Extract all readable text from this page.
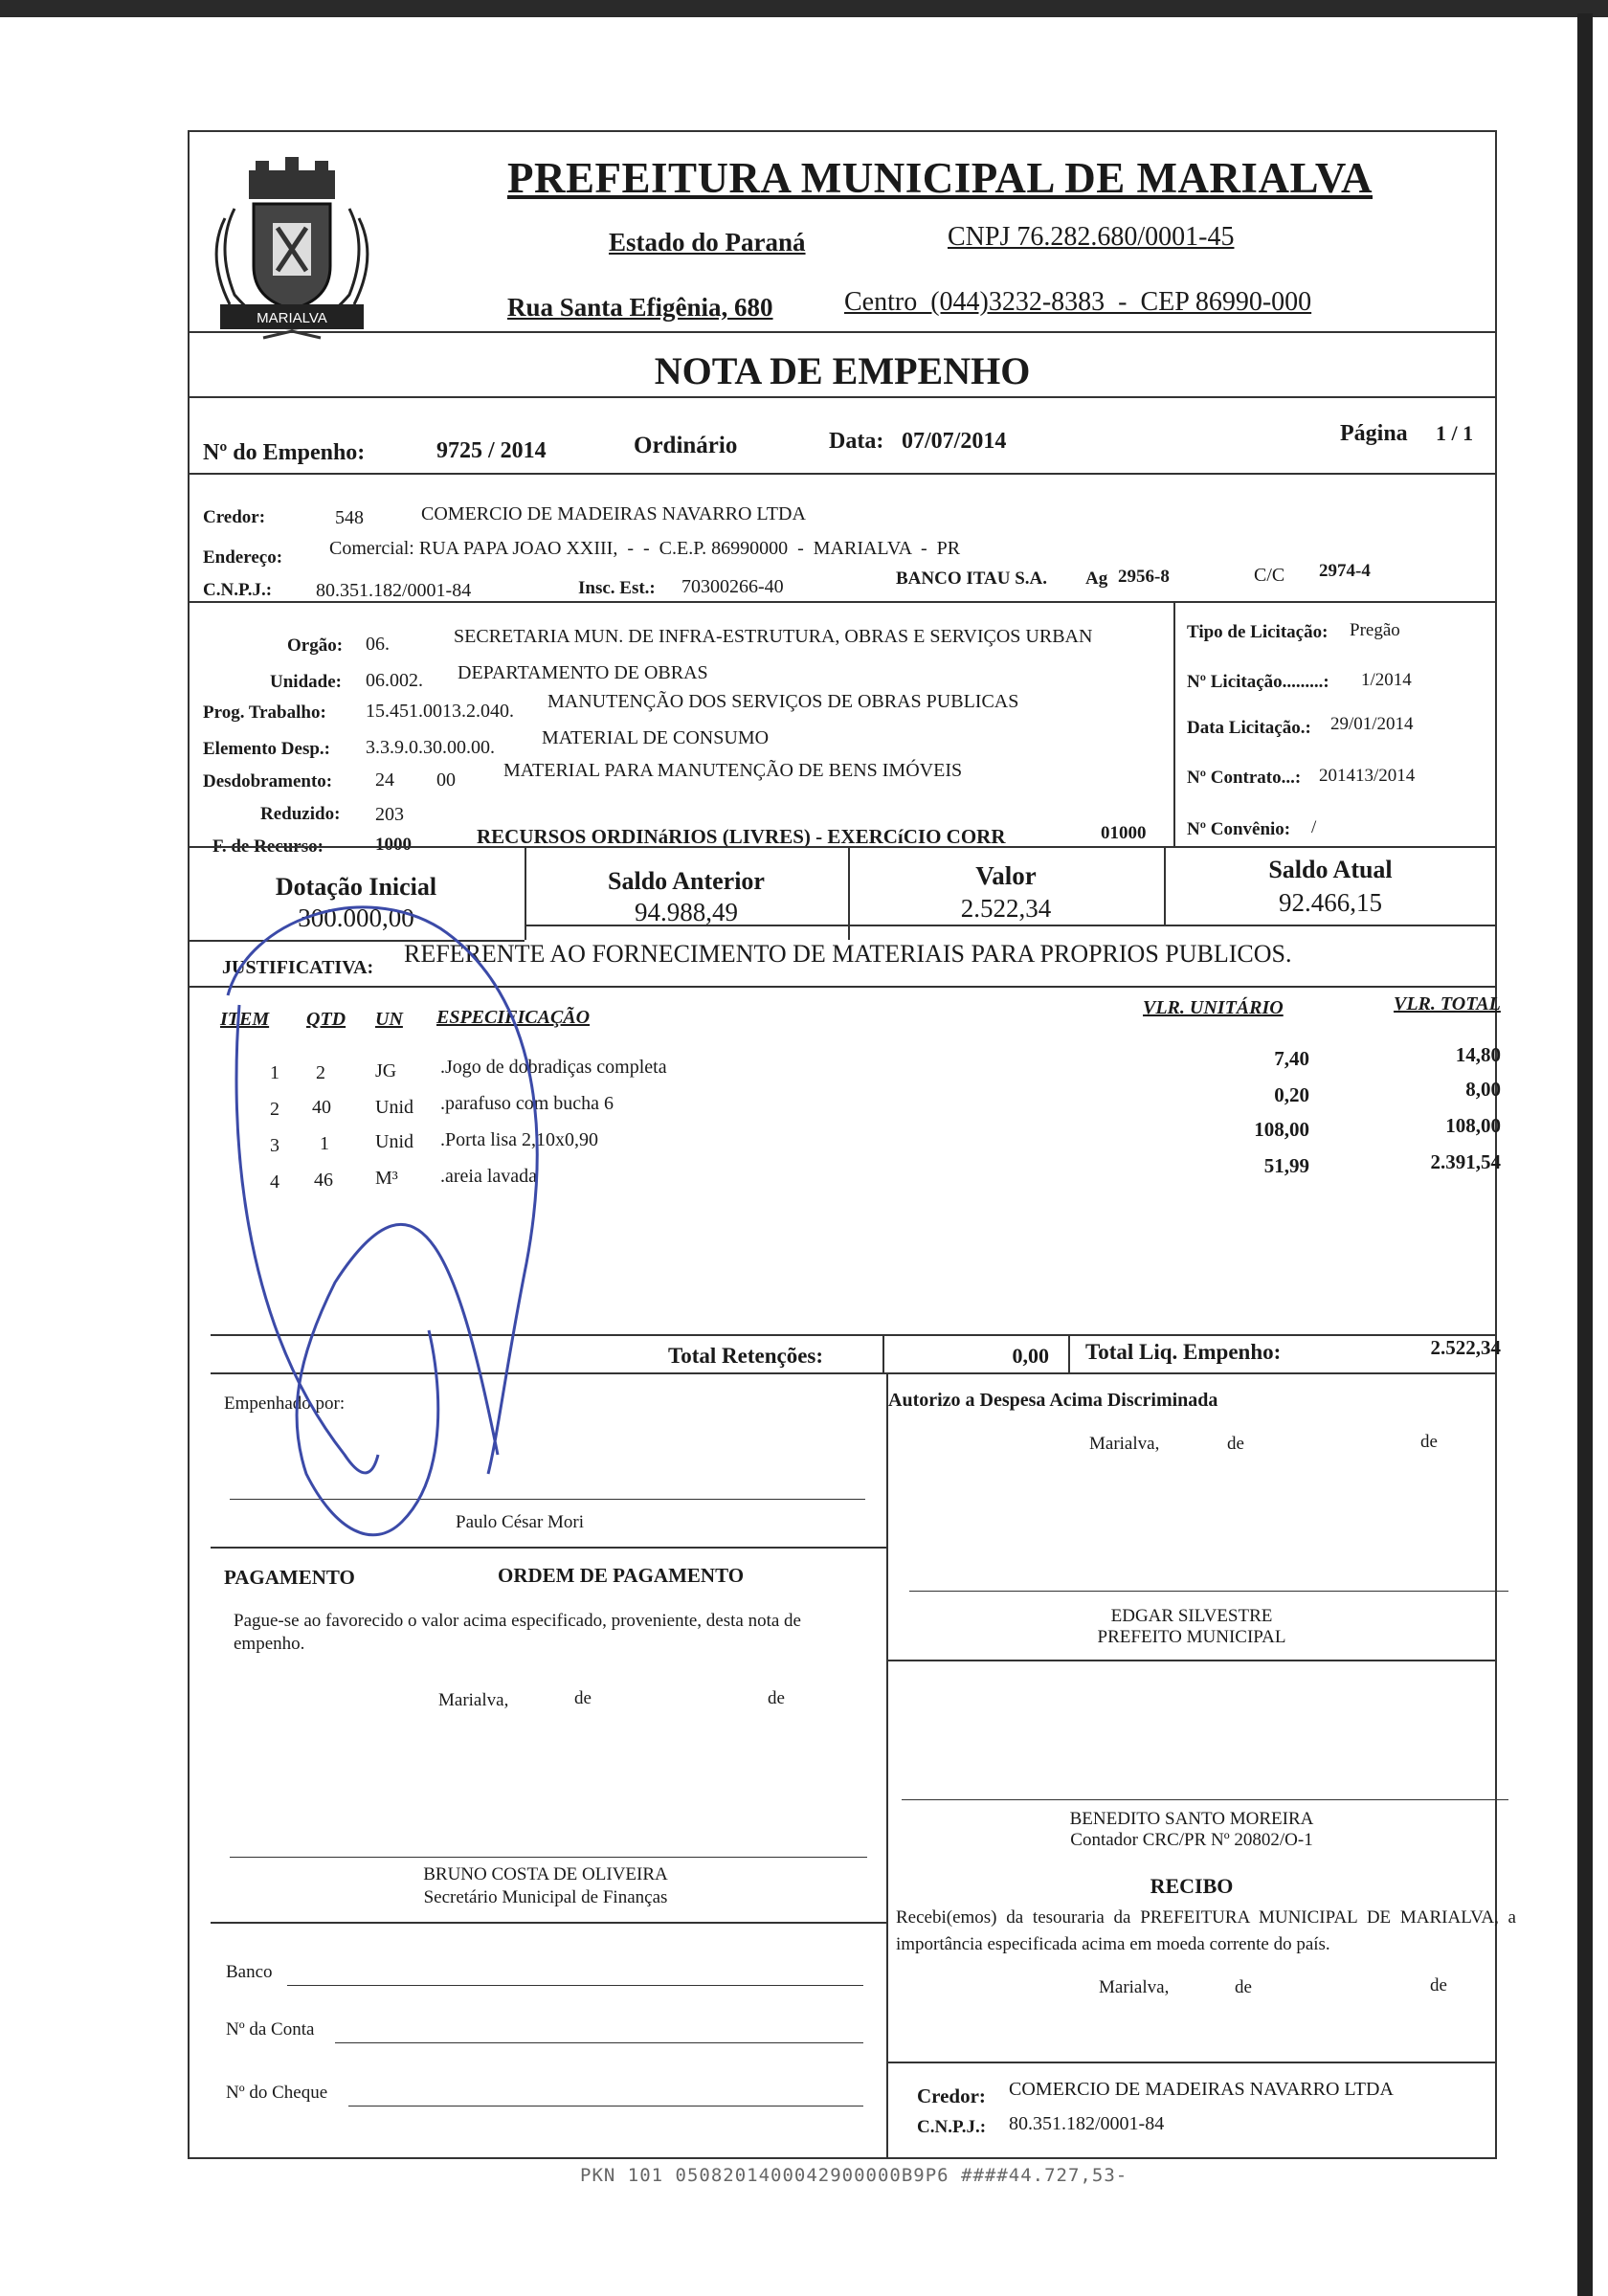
MARIALVA
PREFEITURA MUNICIPAL DE MARIALVA
Estado do Paraná	CNPJ 76.282.680/0001-45
Rua Santa Efigênia, 680	Centro  (044)3232-8383  -  CEP 86990-000
NOTA DE EMPENHO
Nº do Empenho:	9725 / 2014	Ordinário	Data: 07/07/2014	Página 1 / 1
Credor:	548	COMERCIO DE MADEIRAS NAVARRO LTDA
Endereço: Comercial: RUA PAPA JOAO XXIII,  -  -  C.E.P. 86990000  -  MARIALVA  -  PR
C.N.P.J.: 80.351.182/0001-84	Insc. Est.: 70300266-40	BANCO ITAU S.A. Ag 2956-8	C/C 2974-4
Orgão: 06.	SECRETARIA MUN. DE INFRA-ESTRUTURA, OBRAS E SERVIÇOS URBAN
Unidade: 06.002. DEPARTAMENTO DE OBRAS
Prog. Trabalho: 15.451.0013.2.040. MANUTENÇÃO DOS SERVIÇOS DE OBRAS PUBLICAS
Elemento Desp.: 3.3.9.0.30.00.00. MATERIAL DE CONSUMO
Desdobramento: 24 00	MATERIAL PARA MANUTENÇÃO DE BENS IMÓVEIS
Reduzido: 203
F. de Recurso:	1000	RECURSOS ORDINáRIOS (LIVRES) - EXERCíCIO CORR	01000
Tipo de Licitação: Pregão
Nº Licitação.........: 1/2014
Data Licitação.: 29/01/2014
Nº Contrato...: 201413/2014
Nº Convênio: /
Dotação Inicial
300.000,00
Saldo Anterior
94.988,49
Valor
2.522,34
Saldo Atual
92.466,15
JUSTIFICATIVA: REFERENTE AO FORNECIMENTO DE MATERIAIS PARA PROPRIOS PUBLICOS.
ITEM QTD UN ESPECIFICAÇÃO	VLR. UNITÁRIO	VLR. TOTAL
1 2	JG .Jogo de dobradiças completa	7,40	14,80
2 40 Unid .parafuso com bucha 6	0,20	8,00
3 1 Unid .Porta lisa 2,10x0,90	108,00	108,00
4 46 M³ .areia lavada	51,99	2.391,54
Total Retenções:	0,00 Total Liq. Empenho:	2.522,34
Empenhado por:
Paulo César Mori
Autorizo a Despesa Acima Discriminada
Marialva,	de	de
EDGAR SILVESTRE
PREFEITO MUNICIPAL
PAGAMENTO	ORDEM DE PAGAMENTO
Pague-se ao favorecido o valor acima especificado, proveniente, desta nota de empenho.
Marialva,	de	de
BRUNO COSTA DE OLIVEIRA
Secretário Municipal de Finanças
BENEDITO SANTO MOREIRA
Contador CRC/PR Nº 20802/O-1
RECIBO
Recebi(emos) da tesouraria da PREFEITURA MUNICIPAL DE MARIALVA, a importância especificada acima em moeda corrente do país.
Marialva,	de	de
Credor: COMERCIO DE MADEIRAS NAVARRO LTDA
C.N.P.J.: 80.351.182/0001-84
Banco
Nº da Conta
Nº do Cheque
PKN 101 0508201400042900000B9P6 ####44.727,53-
